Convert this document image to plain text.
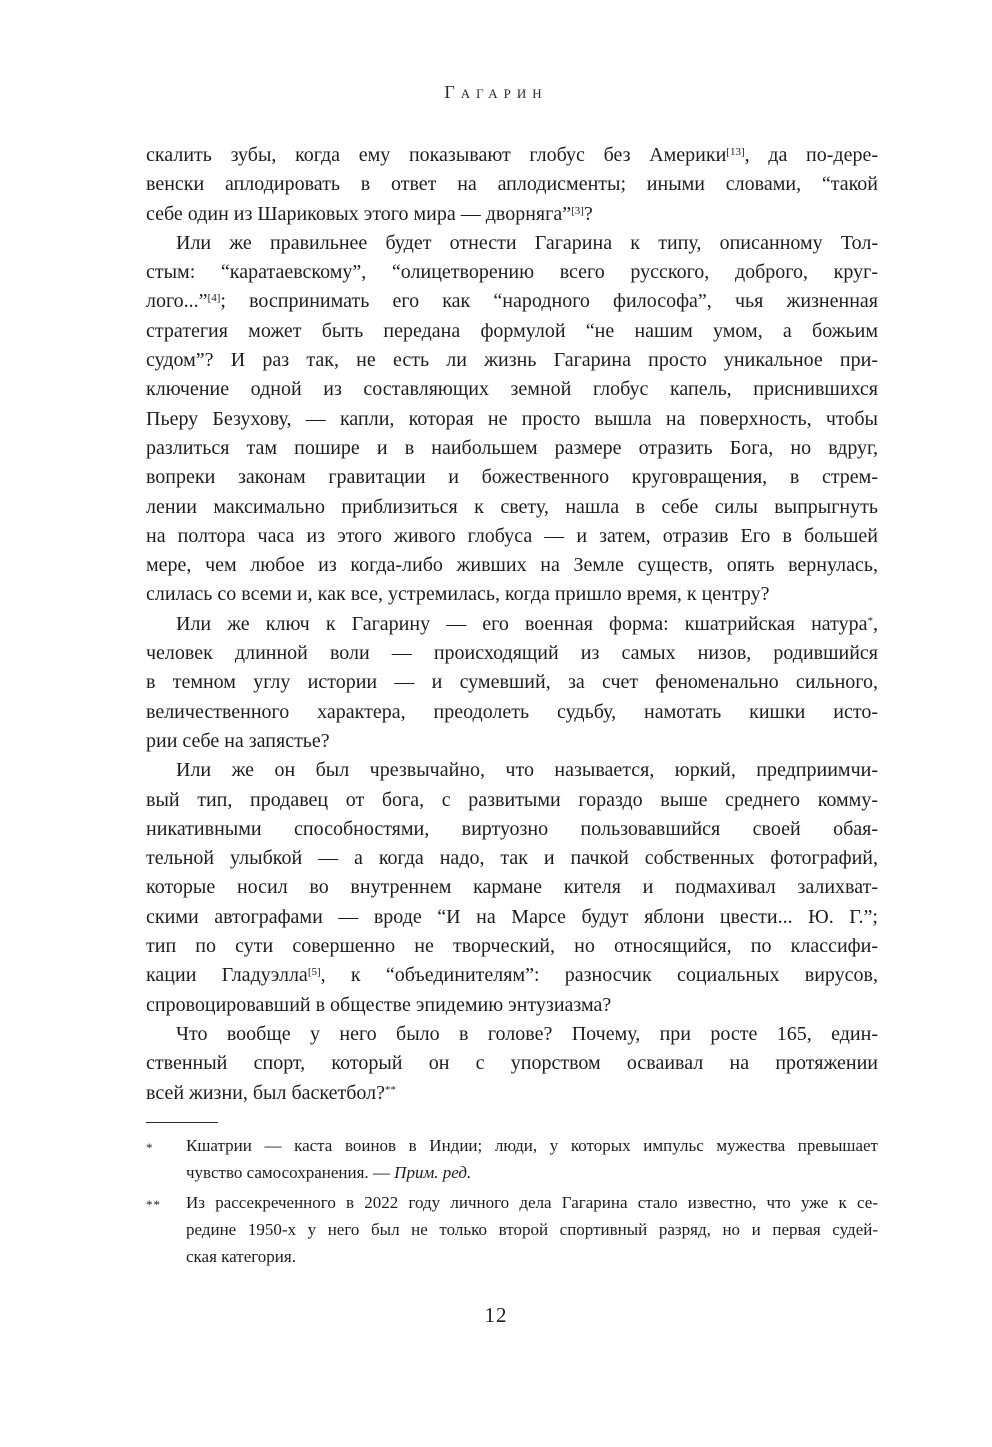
Гагарин
скалить зубы, когда ему показывают глобус без Америки[13], да по-дере-
венски аплодировать в ответ на аплодисменты; иными словами, “такой
себе один из Шариковых этого мира — дворняга”[3]?
Или же правильнее будет отнести Гагарина к типу, описанному Тол-
стым: “каратаевскому”, “олицетворению всего русского, доброго, круг-
лого...”[4]; воспринимать его как “народного философа”, чья жизненная
стратегия может быть передана формулой “не нашим умом, а божьим
судом”? И раз так, не есть ли жизнь Гагарина просто уникальное при-
ключение одной из составляющих земной глобус капель, приснившихся
Пьеру Безухову, — капли, которая не просто вышла на поверхность, чтобы
разлиться там пошире и в наибольшем размере отразить Бога, но вдруг,
вопреки законам гравитации и божественного круговращения, в стрем-
лении максимально приблизиться к свету, нашла в себе силы выпрыгнуть
на полтора часа из этого живого глобуса — и затем, отразив Его в большей
мере, чем любое из когда-либо живших на Земле существ, опять вернулась,
слилась со всеми и, как все, устремилась, когда пришло время, к центру?
Или же ключ к Гагарину — его военная форма: кшатрийская натура*,
человек длинной воли — происходящий из самых низов, родившийся
в темном углу истории — и сумевший, за счет феноменально сильного,
величественного характера, преодолеть судьбу, намотать кишки исто-
рии себе на запястье?
Или же он был чрезвычайно, что называется, юркий, предприимчи-
вый тип, продавец от бога, с развитыми гораздо выше среднего комму-
никативными способностями, виртуозно пользовавшийся своей обая-
тельной улыбкой — а когда надо, так и пачкой собственных фотографий,
которые носил во внутреннем кармане кителя и подмахивал залихват-
скими автографами — вроде “И на Марсе будут яблони цвести... Ю. Г.”;
тип по сути совершенно не творческий, но относящийся, по классифи-
кации Гладуэлла[5], к “объединителям”: разносчик социальных вирусов,
спровоцировавший в обществе эпидемию энтузиазма?
Что вообще у него было в голове? Почему, при росте 165, един-
ственный спорт, который он с упорством осваивал на протяжении
всей жизни, был баскетбол?**
*	Кшатрии — каста воинов в Индии; люди, у которых импульс мужества превышает
чувство самосохранения. — Прим. ред.
**	Из рассекреченного в 2022 году личного дела Гагарина стало известно, что уже к се-
редине 1950-х у него был не только второй спортивный разряд, но и первая судей-
ская категория.
12
